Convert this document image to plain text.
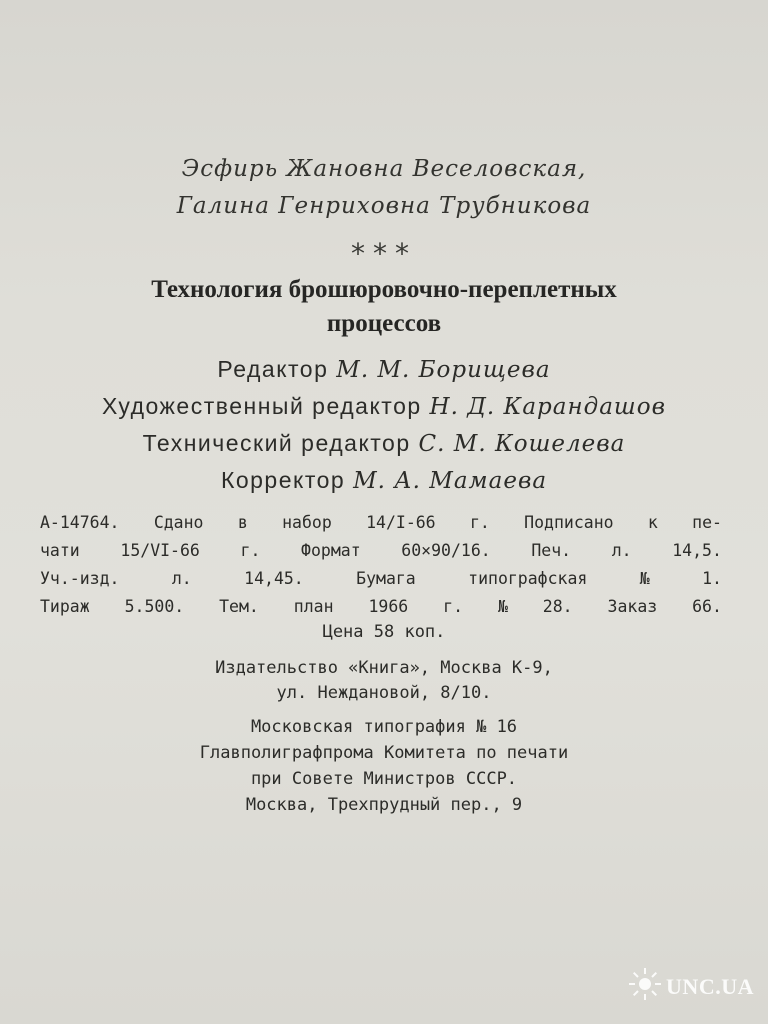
Эсфирь Жановна Веселовская,
Галина Генриховна Трубникова
⁎⁎⁎
Технология брошюровочно-переплетных
процессов
Редактор М. М. Борищева
Художественный редактор Н. Д. Карандашов
Технический редактор С. М. Кошелева
Корректор М. А. Мамаева
А-14764. Сдано в набор 14/I-66 г. Подписано к пе-
чати 15/VI-66 г. Формат 60×90/16. Печ. л. 14,5.
Уч.-изд.	л.	14,45.	Бумага	типографская	№	1.
Тираж 5.500. Тем. план 1966 г. № 28. Заказ 66.
Цена 58 коп.
Издательство «Книга», Москва К-9,
ул. Неждановой, 8/10.
Московская типография № 16
Главполиграфпрома Комитета по печати
при Совете Министров СССР.
Москва, Трехпрудный пер., 9
UNC.UA
